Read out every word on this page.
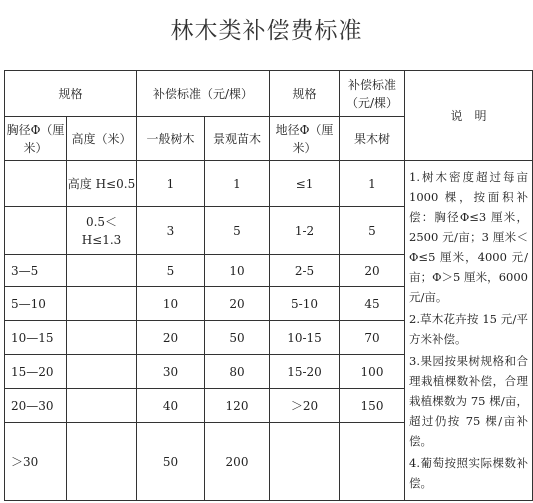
林木类补偿费标准
规格		补偿标准（元/棵）		规格	补偿标准（元/棵）	说　明
胸径Φ（厘米）	高度（米）	一般树木	景观苗木	地径Φ（厘米）	果木树	
	高度 H≤0.5	1	1	≤1	1	1.树木密度超过每亩 1000 棵，按面积补偿：胸径Φ≤3 厘米，2500 元/亩；3 厘米＜Φ≤5 厘米，4000 元/亩；Φ＞5 厘米，6000 元/亩。

2.草木花卉按 15 元/平方米补偿。

3.果园按果树规格和合理栽植棵数补偿，合理栽植棵数为 75 棵/亩，超过仍按 75 棵/亩补偿。

4.葡萄按照实际棵数补偿。

	0.5＜H≤1.3	3	5	1-2	5	
3—5		5	10	2-5	20	
5—10		10	20	5-10	45	
10—15		20	50	10-15	70	
15—20		30	80	15-20	100	
20—30		40	120	＞20	150	
＞30		50	200			
